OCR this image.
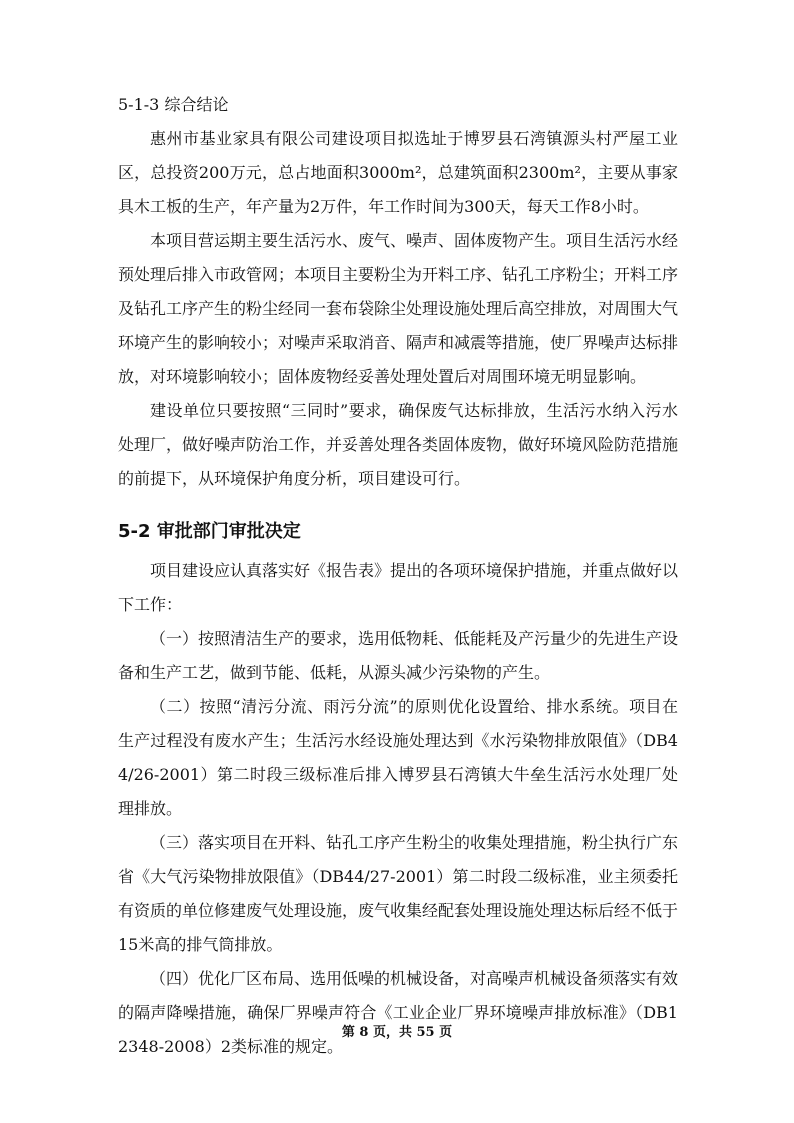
5-1-3 综合结论

惠州市基业家具有限公司建设项目拟选址于博罗县石湾镇源头村严屋工业区，总投资200万元，总占地面积3000m²，总建筑面积2300m²，主要从事家具木工板的生产，年产量为2万件，年工作时间为300天，每天工作8小时。

本项目营运期主要生活污水、废气、噪声、固体废物产生。项目生活污水经预处理后排入市政管网；本项目主要粉尘为开料工序、钻孔工序粉尘；开料工序及钻孔工序产生的粉尘经同一套布袋除尘处理设施处理后高空排放，对周围大气环境产生的影响较小；对噪声采取消音、隔声和减震等措施，使厂界噪声达标排放，对环境影响较小；固体废物经妥善处理处置后对周围环境无明显影响。

建设单位只要按照“三同时”要求，确保废气达标排放，生活污水纳入污水处理厂，做好噪声防治工作，并妥善处理各类固体废物，做好环境风险防范措施的前提下，从环境保护角度分析，项目建设可行。

5-2 审批部门审批决定

项目建设应认真落实好《报告表》提出的各项环境保护措施，并重点做好以下工作：

（一）按照清洁生产的要求，选用低物耗、低能耗及产污量少的先进生产设备和生产工艺，做到节能、低耗，从源头减少污染物的产生。

（二）按照“清污分流、雨污分流”的原则优化设置给、排水系统。项目在生产过程没有废水产生；生活污水经设施处理达到《水污染物排放限值》（DB44/26-2001）第二时段三级标准后排入博罗县石湾镇大牛垒生活污水处理厂处理排放。

（三）落实项目在开料、钻孔工序产生粉尘的收集处理措施，粉尘执行广东省《大气污染物排放限值》（DB44/27-2001）第二时段二级标准，业主须委托有资质的单位修建废气处理设施，废气收集经配套处理设施处理达标后经不低于15米高的排气筒排放。

（四）优化厂区布局、选用低噪的机械设备，对高噪声机械设备须落实有效的隔声降噪措施，确保厂界噪声符合《工业企业厂界环境噪声排放标准》（DB12348-2008）2类标准的规定。

第 8 页，共 55 页
